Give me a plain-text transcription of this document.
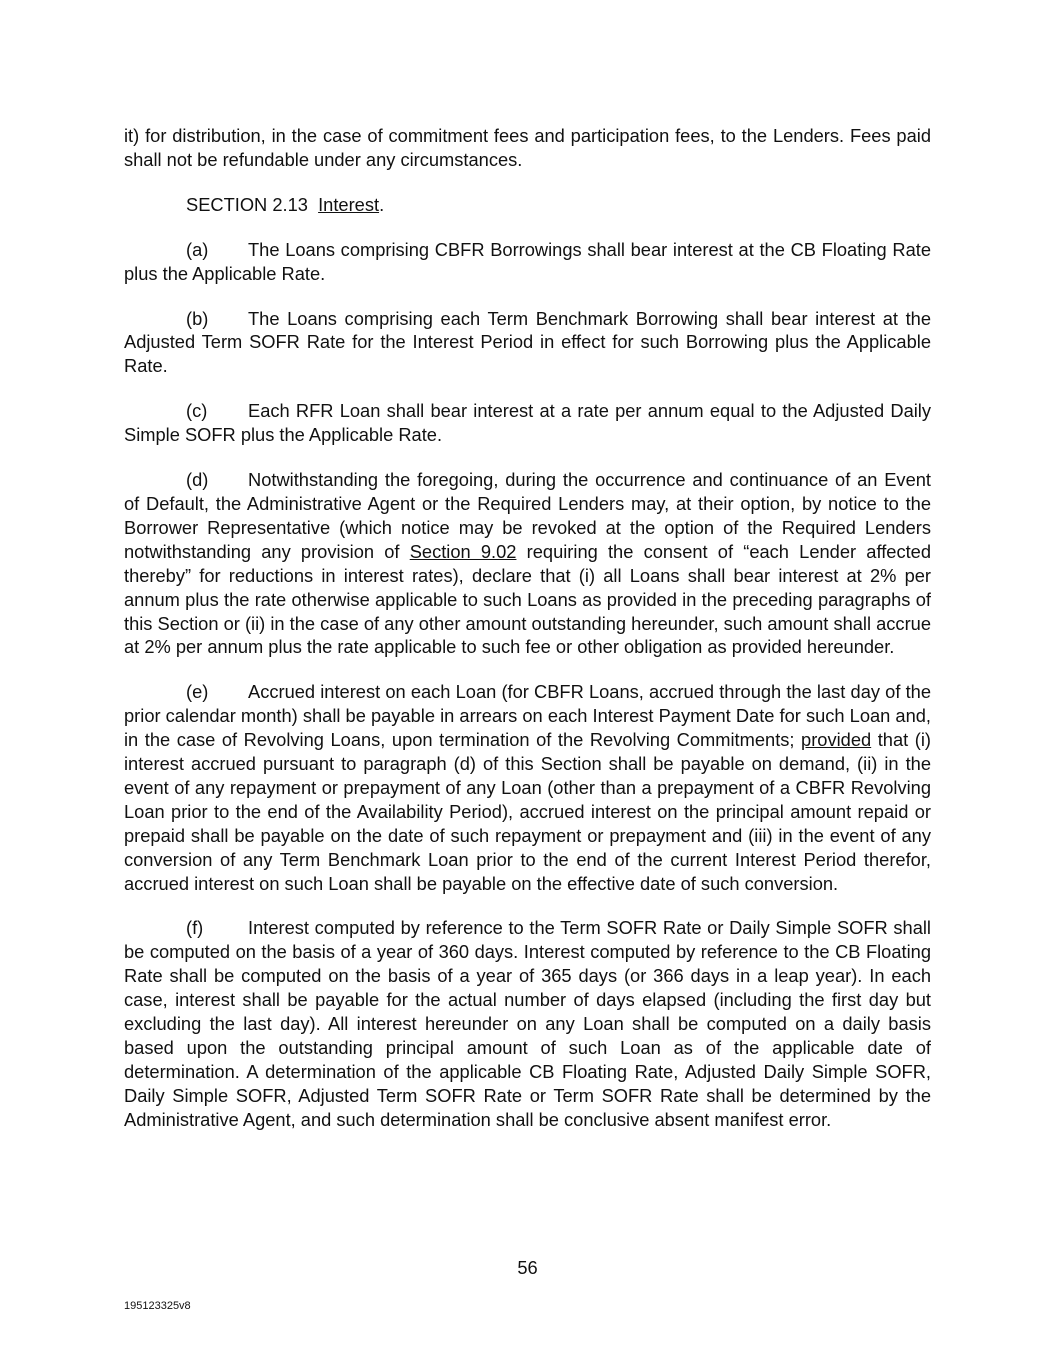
it) for distribution, in the case of commitment fees and participation fees, to the Lenders. Fees paid shall not be refundable under any circumstances.

SECTION 2.13 Interest.

(a) The Loans comprising CBFR Borrowings shall bear interest at the CB Floating Rate plus the Applicable Rate.

(b) The Loans comprising each Term Benchmark Borrowing shall bear interest at the Adjusted Term SOFR Rate for the Interest Period in effect for such Borrowing plus the Applicable Rate.

(c) Each RFR Loan shall bear interest at a rate per annum equal to the Adjusted Daily Simple SOFR plus the Applicable Rate.

(d) Notwithstanding the foregoing, during the occurrence and continuance of an Event of Default, the Administrative Agent or the Required Lenders may, at their option, by notice to the Borrower Representative (which notice may be revoked at the option of the Required Lenders notwithstanding any provision of Section 9.02 requiring the consent of “each Lender affected thereby” for reductions in interest rates), declare that (i) all Loans shall bear interest at 2% per annum plus the rate otherwise applicable to such Loans as provided in the preceding paragraphs of this Section or (ii) in the case of any other amount outstanding hereunder, such amount shall accrue at 2% per annum plus the rate applicable to such fee or other obligation as provided hereunder.

(e) Accrued interest on each Loan (for CBFR Loans, accrued through the last day of the prior calendar month) shall be payable in arrears on each Interest Payment Date for such Loan and, in the case of Revolving Loans, upon termination of the Revolving Commitments; provided that (i) interest accrued pursuant to paragraph (d) of this Section shall be payable on demand, (ii) in the event of any repayment or prepayment of any Loan (other than a prepayment of a CBFR Revolving Loan prior to the end of the Availability Period), accrued interest on the principal amount repaid or prepaid shall be payable on the date of such repayment or prepayment and (iii) in the event of any conversion of any Term Benchmark Loan prior to the end of the current Interest Period therefor, accrued interest on such Loan shall be payable on the effective date of such conversion.

(f) Interest computed by reference to the Term SOFR Rate or Daily Simple SOFR shall be computed on the basis of a year of 360 days. Interest computed by reference to the CB Floating Rate shall be computed on the basis of a year of 365 days (or 366 days in a leap year). In each case, interest shall be payable for the actual number of days elapsed (including the first day but excluding the last day). All interest hereunder on any Loan shall be computed on a daily basis based upon the outstanding principal amount of such Loan as of the applicable date of determination. A determination of the applicable CB Floating Rate, Adjusted Daily Simple SOFR, Daily Simple SOFR, Adjusted Term SOFR Rate or Term SOFR Rate shall be determined by the Administrative Agent, and such determination shall be conclusive absent manifest error.

56
195123325v8
